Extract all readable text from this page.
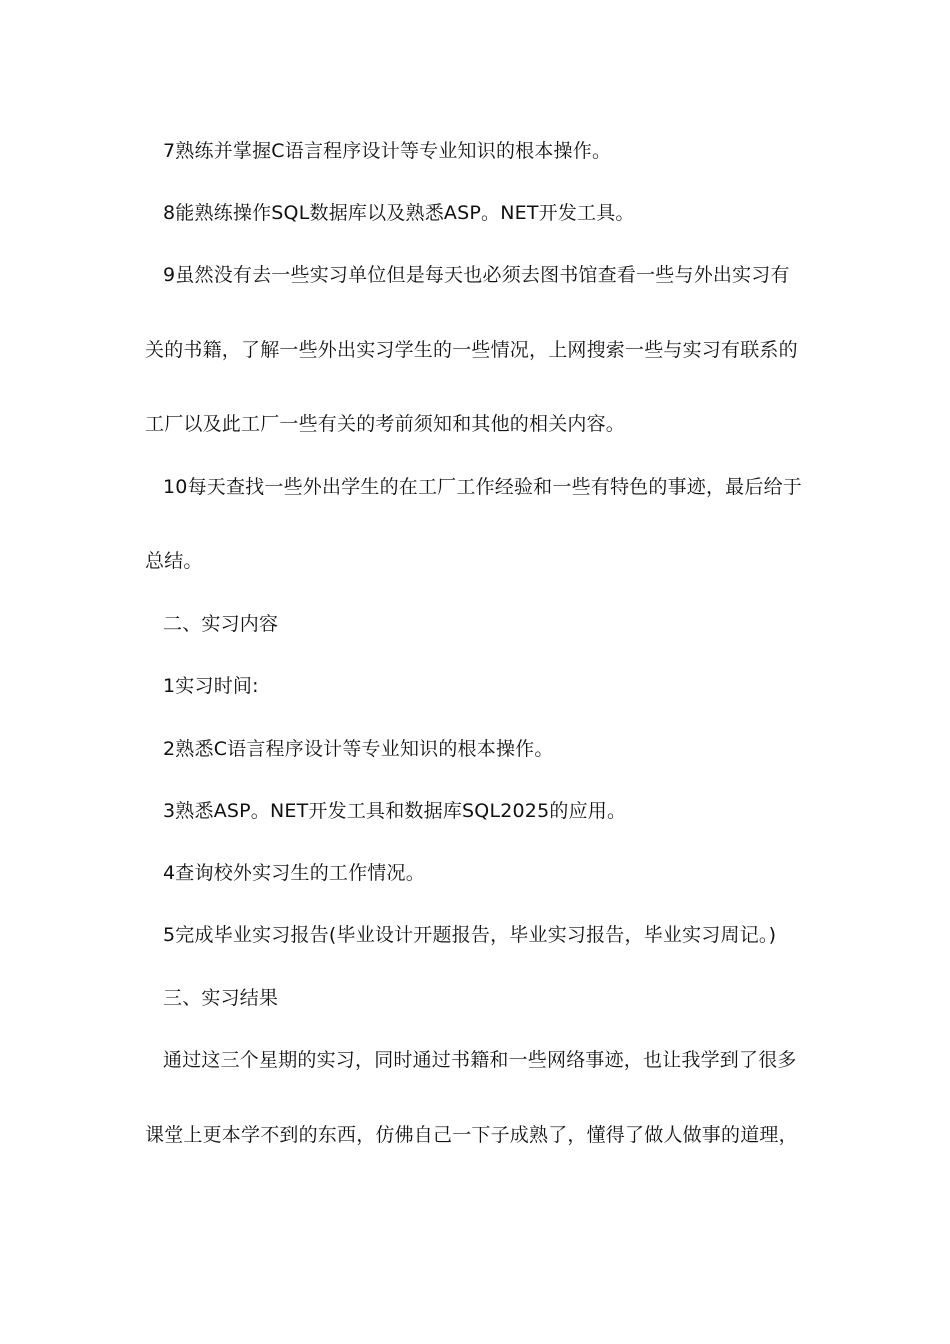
7熟练并掌握C语言程序设计等专业知识的根本操作。
8能熟练操作SQL数据库以及熟悉ASP。NET开发工具。
9虽然没有去一些实习单位但是每天也必须去图书馆查看一些与外出实习有
关的书籍，了解一些外出实习学生的一些情况，上网搜索一些与实习有联系的
工厂以及此工厂一些有关的考前须知和其他的相关内容。
10每天查找一些外出学生的在工厂工作经验和一些有特色的事迹，最后给于
总结。
二、实习内容
1实习时间:
2熟悉C语言程序设计等专业知识的根本操作。
3熟悉ASP。NET开发工具和数据库SQL2025的应用。
4查询校外实习生的工作情况。
5完成毕业实习报告(毕业设计开题报告，毕业实习报告，毕业实习周记。)
三、实习结果
通过这三个星期的实习，同时通过书籍和一些网络事迹，也让我学到了很多
课堂上更本学不到的东西，仿佛自己一下子成熟了，懂得了做人做事的道理，
